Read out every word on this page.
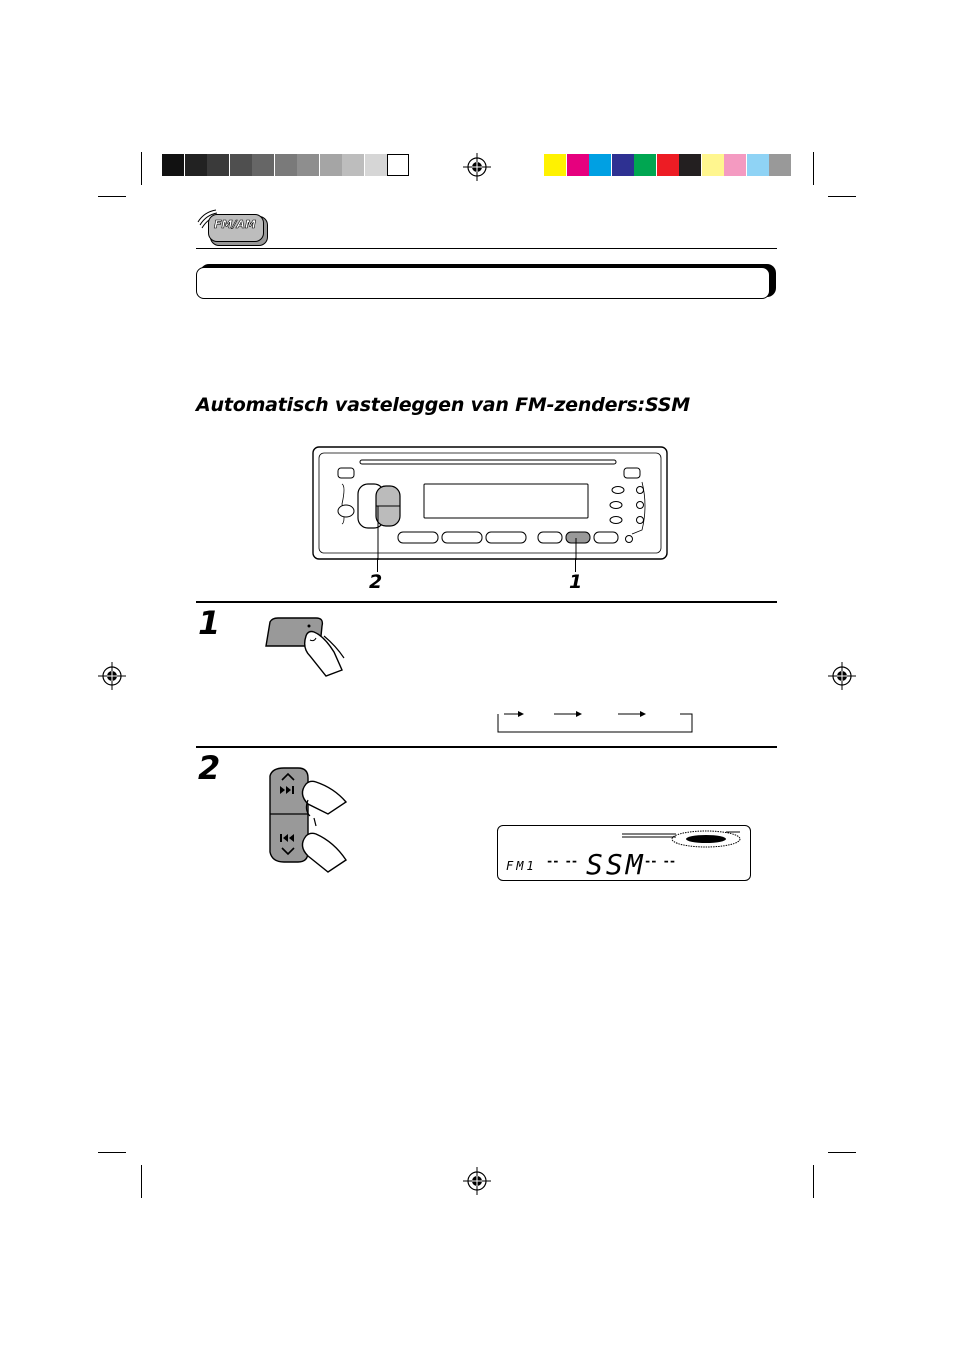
FM/AM
Automatisch vasteleggen van FM-zenders:SSM
2	1
1
2
FM1 -- -- SSM
-- --
